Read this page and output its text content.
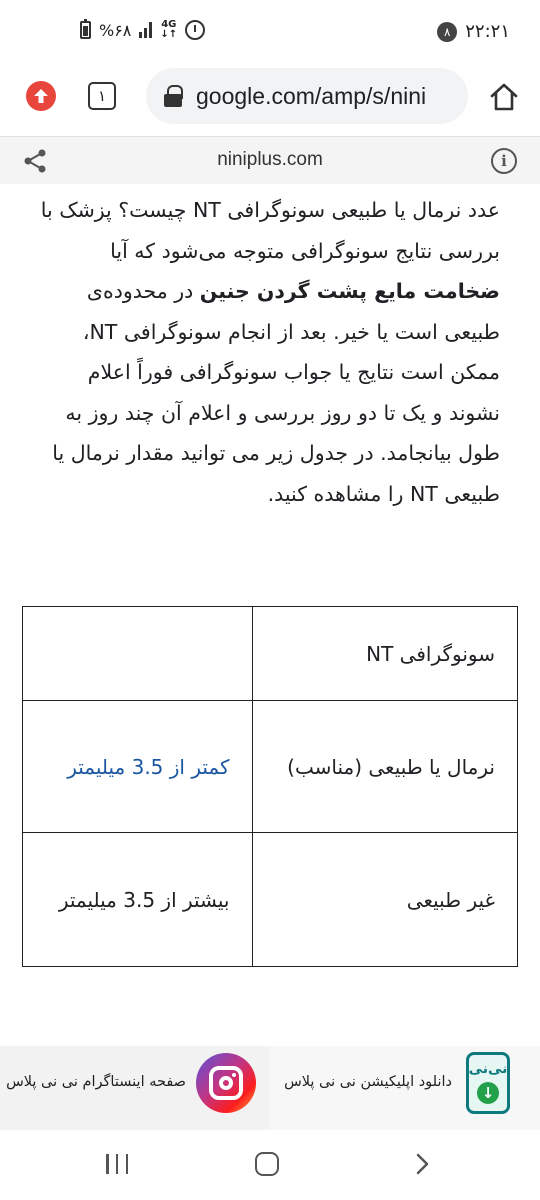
%۶۸	4G
↓↑	۸ ۲۲:۲۱
۱	google.com/amp/s/nini
niniplus.com	i
عدد نرمال یا طبیعی سونوگرافی NT چیست؟ پزشک با بررسی نتایج سونوگرافی متوجه می‌شود که آیا ضخامت مایع پشت گردن جنین در محدوده‌ی طبیعی است یا خیر. بعد از انجام سونوگرافی NT، ممکن است نتایج یا جواب سونوگرافی فوراً اعلام نشوند و یک تا دو روز بررسی و اعلام آن چند روز به طول بیانجامد. در جدول زیر می توانید مقدار نرمال یا طبیعی NT را مشاهده کنید.
سونوگرافی NT	
نرمال یا طبیعی (مناسب)	کمتر از 3.5 میلیمتر
غیر طبیعی	بیشتر از 3.5 میلیمتر
صفحه اینستاگرام نی نی پلاس	دانلود اپلیکیشن نی نی پلاس
نی‌نی
↓
